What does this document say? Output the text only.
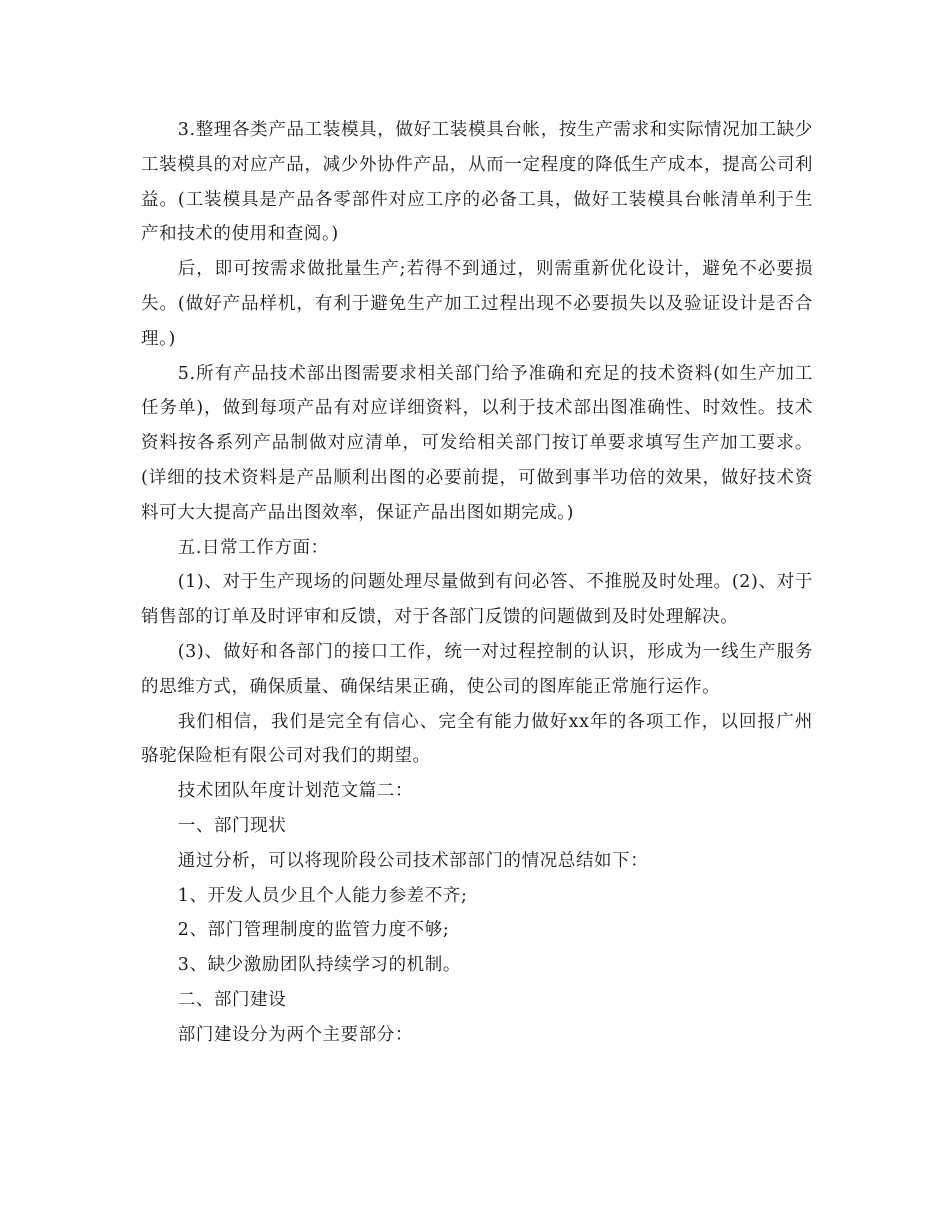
3.整理各类产品工装模具，做好工装模具台帐，按生产需求和实际情况加工缺少工装模具的对应产品，减少外协件产品，从而一定程度的降低生产成本，提高公司利益。(工装模具是产品各零部件对应工序的必备工具，做好工装模具台帐清单利于生产和技术的使用和查阅。)

后，即可按需求做批量生产;若得不到通过，则需重新优化设计，避免不必要损失。(做好产品样机，有利于避免生产加工过程出现不必要损失以及验证设计是否合理。)

5.所有产品技术部出图需要求相关部门给予准确和充足的技术资料(如生产加工任务单)，做到每项产品有对应详细资料，以利于技术部出图准确性、时效性。技术资料按各系列产品制做对应清单，可发给相关部门按订单要求填写生产加工要求。(详细的技术资料是产品顺利出图的必要前提，可做到事半功倍的效果，做好技术资料可大大提高产品出图效率，保证产品出图如期完成。)

五.日常工作方面：

(1)、对于生产现场的问题处理尽量做到有问必答、不推脱及时处理。(2)、对于销售部的订单及时评审和反馈，对于各部门反馈的问题做到及时处理解决。

(3)、做好和各部门的接口工作，统一对过程控制的认识，形成为一线生产服务的思维方式，确保质量、确保结果正确，使公司的图库能正常施行运作。

我们相信，我们是完全有信心、完全有能力做好xx年的各项工作，以回报广州骆驼保险柜有限公司对我们的期望。

技术团队年度计划范文篇二：

一、部门现状

通过分析，可以将现阶段公司技术部部门的情况总结如下：

1、开发人员少且个人能力参差不齐;

2、部门管理制度的监管力度不够;

3、缺少激励团队持续学习的机制。

二、部门建设

部门建设分为两个主要部分：
